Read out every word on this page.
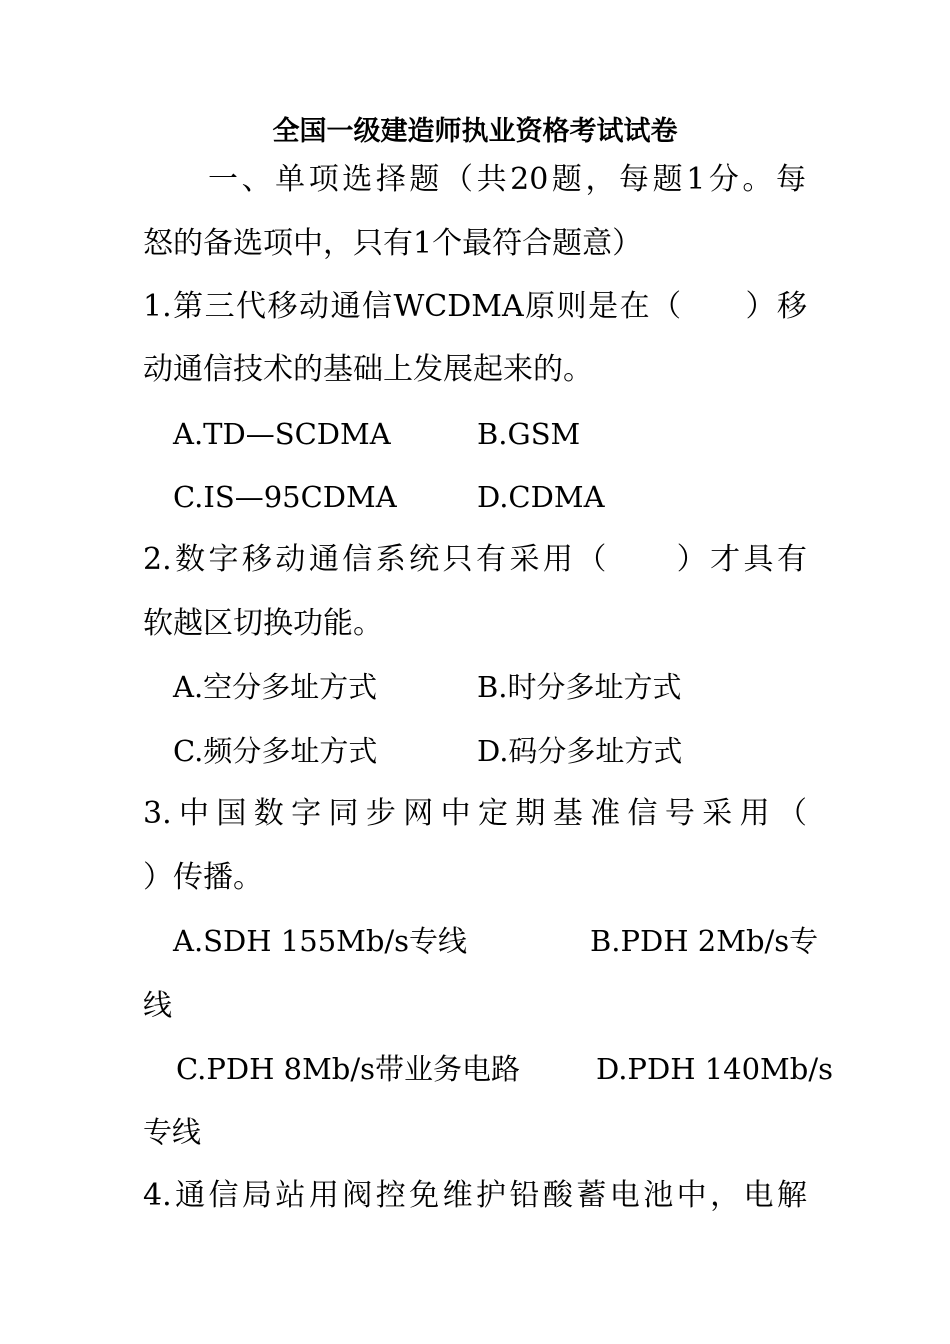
全国一级建造师执业资格考试试卷
一、单项选择题（共20题，每题1分。每
怒的备选项中，只有1个最符合题意）
1.第三代移动通信WCDMA原则是在（　　）移
动通信技术的基础上发展起来的。
A.TD—SCDMA	B.GSM
C.IS—95CDMA	D.CDMA
2.数字移动通信系统只有采用（　　）才具有
软越区切换功能。
A.空分多址方式	B.时分多址方式
C.频分多址方式	D.码分多址方式
3.中国数字同步网中定期基准信号采用（
）传播。
A.SDH 155Mb/s专线	B.PDH 2Mb/s专
线
C.PDH 8Mb/s带业务电路	D.PDH 140Mb/s
专线
4.通信局站用阀控免维护铅酸蓄电池中，电解
